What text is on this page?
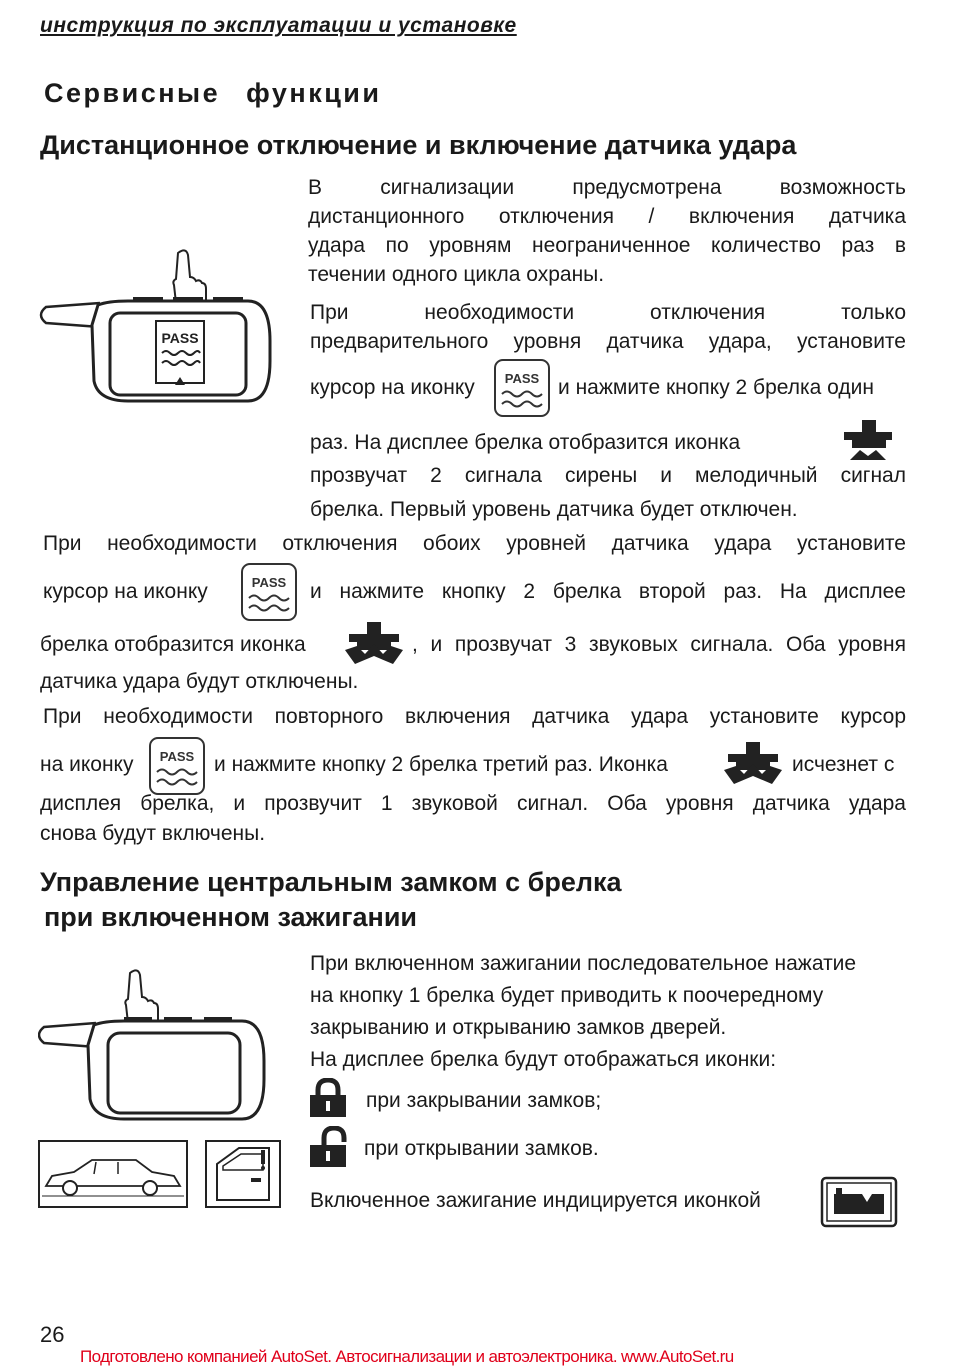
инструкция по эксплуатации и установке
Сервисные функции
Дистанционное отключение и включение датчика удара
PASS
В сигнализации предусмотрена возможность
дистанционного отключения / включения датчика
удара по уровням неограниченное количество раз в
течении одного цикла охраны.
При необходимости отключения только
предварительного уровня датчика удара, установите
курсор на иконку PASS и нажмите кнопку 2 брелка один
раз. На дисплее брелка отобразится иконка
прозвучат 2 сигнала сирены и мелодичный сигнал
брелка. Первый уровень датчика будет отключен.
При необходимости отключения обоих уровней датчика удара установите
курсор на иконку	PASS и нажмите кнопку 2 брелка второй раз. На дисплее
брелка отобразится иконка	, и прозвучат 3 звуковых сигнала. Оба уровня
датчика удара будут отключены.
При необходимости повторного включения датчика удара установите курсор
на иконку PASS и нажмите кнопку 2 брелка третий раз. Иконка	исчезнет с
дисплея брелка, и прозвучит 1 звуковой сигнал. Оба уровня датчика удара
снова будут включены.
Управление центральным замком с брелка
при включенном зажигании
При включенном зажигании последовательное нажатие
на кнопку 1 брелка будет приводить к поочередному
закрыванию и открыванию замков дверей.
На дисплее брелка будут отображаться иконки:
при закрывании замков;
при открывании замков.
Включенное зажигание индицируется иконкой
26
Подготовлено компанией AutoSet. Автосигнализации и автоэлектроника. www.AutoSet.ru
